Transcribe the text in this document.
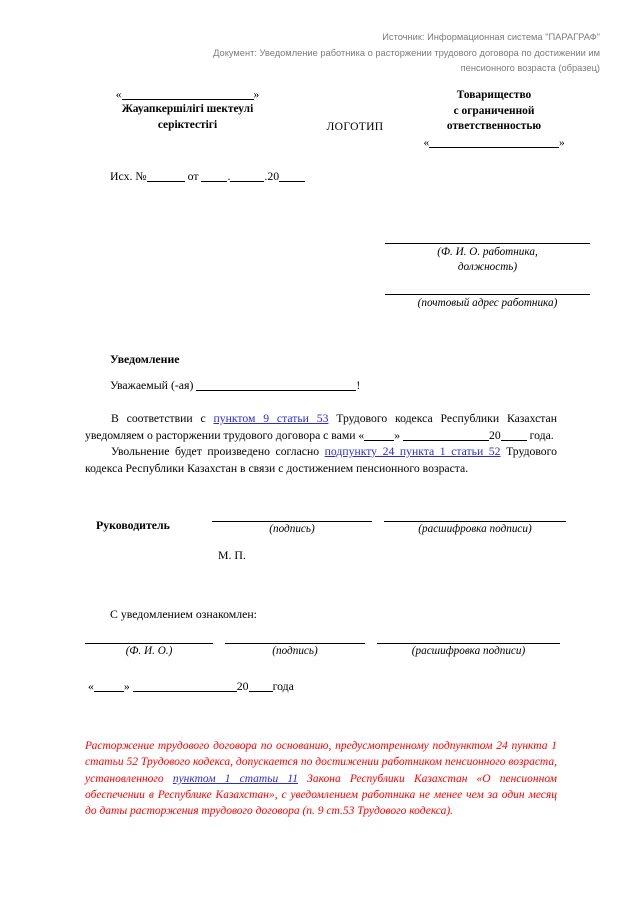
Источник: Информационная система "ПАРАГРАФ"
Документ: Уведомление работника о расторжении трудового договора по достижении им
пенсионного возраста (образец)
«	»
Жауапкершілігі шектеулі
серіктестігі	ЛОГОТИП
Товарищество
с ограниченной
ответственностью
«	»
Исх. №	от .	.20
(Ф. И. О. работника,
должность)
(почтовый адрес работника)
Уведомление
Уважаемый (-ая)	!

В соответствии с пунктом 9 статьи 53 Трудового кодекса Республики Казахстан уведомляем о расторжении трудового договора с вами «	»	20 года.

Увольнение будет произведено согласно подпункту 24 пункта 1 статьи 52 Трудового кодекса Республики Казахстан в связи с достижением пенсионного возраста.

Руководитель	(подпись)	(расшифровка подписи)
М. П.
С уведомлением ознакомлен:
(Ф. И. О.)	(подпись)	(расшифровка подписи)
«	»	20 года

Расторжение трудового договора по основанию, предусмотренному подпунктом 24 пункта 1 статьи 52 Трудового кодекса, допускается по достижении работником пенсионного возраста, установленного пунктом 1 статьи 11 Закона Республики Казахстан «О пенсионном обеспечении в Республике Казахстан», с уведомлением работника не менее чем за один месяц до даты расторжения трудового договора (п. 9 ст.53 Трудового кодекса).
